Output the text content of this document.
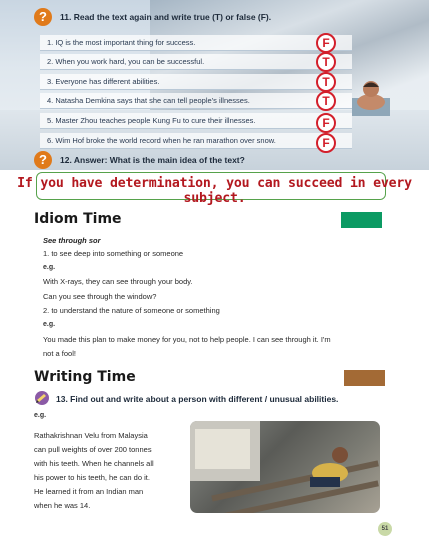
?	11. Read the text again and write true (T) or false (F).
1. IQ is the most important thing for success.	F
2. When you work hard, you can be successful.	T
3. Everyone has different abilities.	T
4. Natasha Demkina says that she can tell people's illnesses.	T
5. Master Zhou teaches people Kung Fu to cure their illnesses.	F
6. Wim Hof broke the world record when he ran marathon over snow.	F
?	12. Answer: What is the main idea of the text?
If you have determination, you can succeed in every subject.
Idiom Time
See through sor
1. to see deep into something or someone
e.g.
With X-rays, they can see through your body.
Can you see through the window?
2. to understand the nature of someone or something
e.g.
You made this plan to make money for you, not to help people. I can see through it. I'm
not a fool!
Writing Time
13. Find out and write about a person with different / unusual abilities.
e.g.
Rathakrishnan Velu from Malaysia
can pull weights of over 200 tonnes
with his teeth. When he channels all
his power to his teeth, he can do it.
He learned it from an Indian man
when he was 14.
51
